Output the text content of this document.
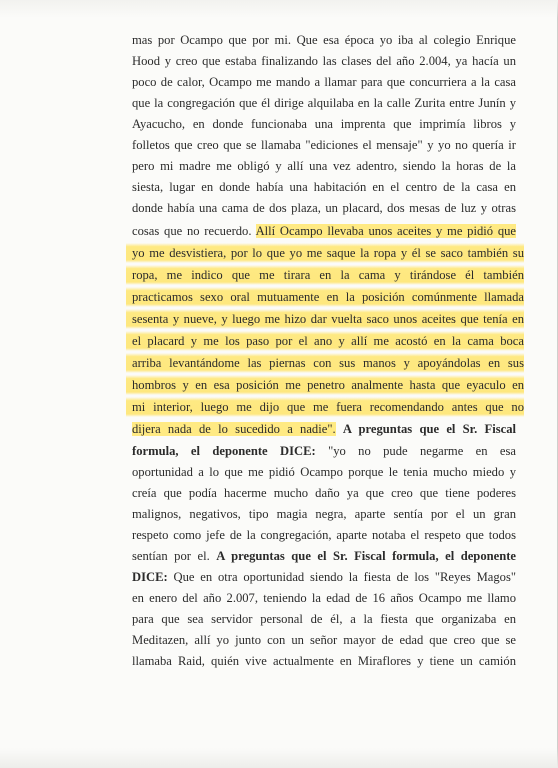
mas por Ocampo que por mi. Que esa época yo iba al colegio Enrique
Hood y creo que estaba finalizando las clases del año 2.004, ya hacía un
poco de calor, Ocampo me mando a llamar para que concurriera a la casa
que la congregación que él dirige alquilaba en la calle Zurita entre Junín y
Ayacucho, en donde funcionaba una imprenta que imprimía libros y
folletos que creo que se llamaba "ediciones el mensaje" y yo no quería ir
pero mi madre me obligó y allí una vez adentro, siendo la horas de la
siesta, lugar en donde había una habitación en el centro de la casa en
donde había una cama de dos plaza, un placard, dos mesas de luz y otras
cosas que no recuerdo. Allí Ocampo llevaba unos aceites y me pidió que
yo me desvistiera, por lo que yo me saque la ropa y él se saco también su
ropa, me indico que me tirara en la cama y tirándose él también
practicamos sexo oral mutuamente en la posición comúnmente llamada
sesenta y nueve, y luego me hizo dar vuelta saco unos aceites que tenía en
el placard y me los paso por el ano y allí me acostó en la cama boca
arriba levantándome las piernas con sus manos y apoyándolas en sus
hombros y en esa posición me penetro analmente hasta que eyaculo en
mi interior, luego me dijo que me fuera recomendando antes que no
dijera nada de lo sucedido a nadie". A preguntas que el Sr. Fiscal
formula, el deponente DICE: "yo no pude negarme en esa
oportunidad a lo que me pidió Ocampo porque le tenia mucho miedo y
creía que podía hacerme mucho daño ya que creo que tiene poderes
malignos, negativos, tipo magia negra, aparte sentía por el un gran
respeto como jefe de la congregación, aparte notaba el respeto que todos
sentían por el. A preguntas que el Sr. Fiscal formula, el deponente
DICE: Que en otra oportunidad siendo la fiesta de los "Reyes Magos"
en enero del año 2.007, teniendo la edad de 16 años Ocampo me llamo
para que sea servidor personal de él, a la fiesta que organizaba en
Meditazen, allí yo junto con un señor mayor de edad que creo que se
llamaba Raid, quién vive actualmente en Miraflores y tiene un camión
